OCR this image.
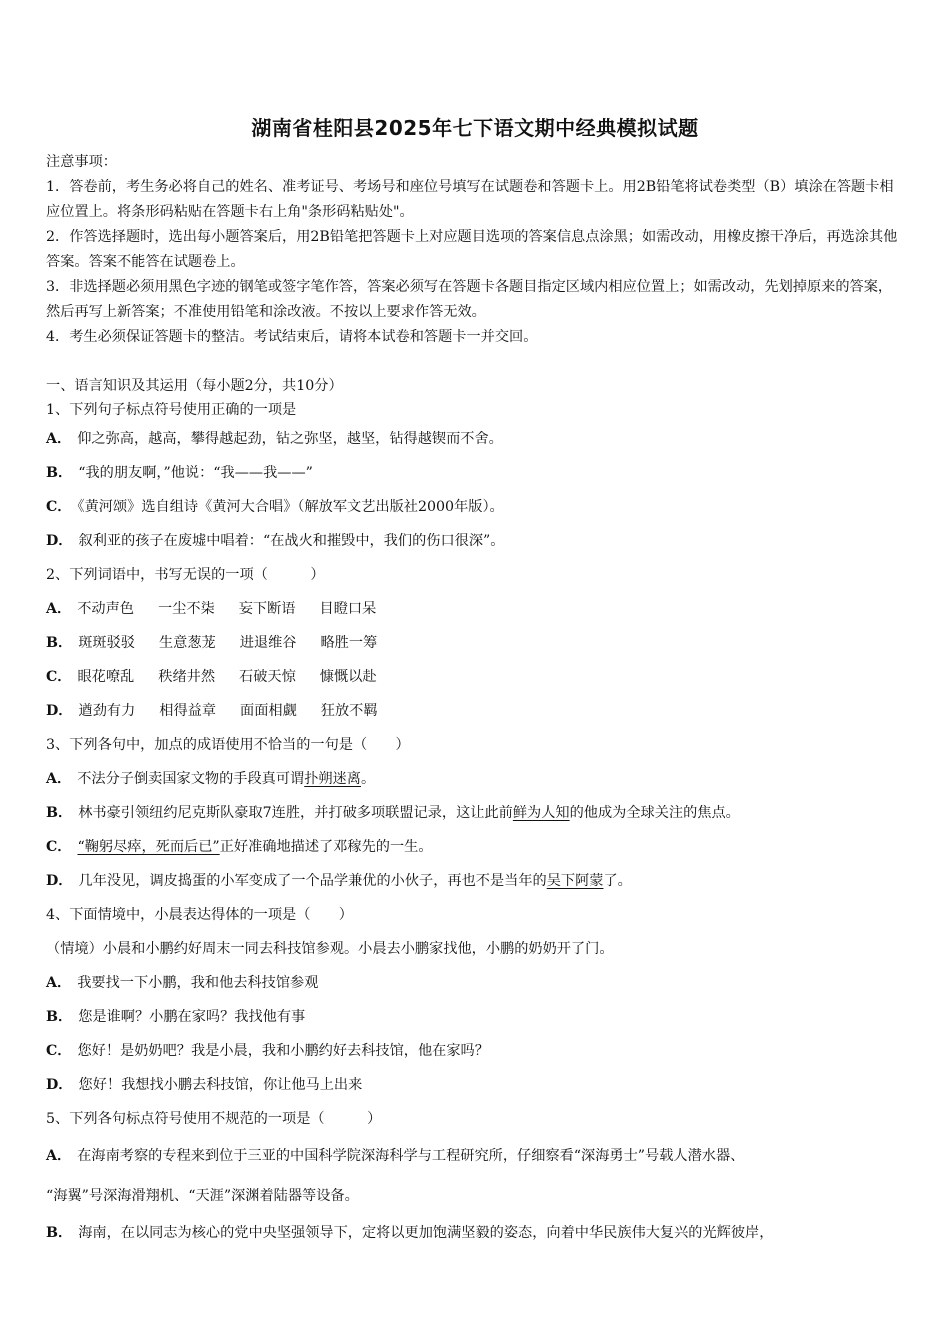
湖南省桂阳县2025年七下语文期中经典模拟试题

注意事项：

1．答卷前，考生务必将自己的姓名、准考证号、考场号和座位号填写在试题卷和答题卡上。用2B铅笔将试卷类型（B）填涂在答题卡相应位置上。将条形码粘贴在答题卡右上角"条形码粘贴处"。

2．作答选择题时，选出每小题答案后，用2B铅笔把答题卡上对应题目选项的答案信息点涂黑；如需改动，用橡皮擦干净后，再选涂其他答案。答案不能答在试题卷上。

3．非选择题必须用黑色字迹的钢笔或签字笔作答，答案必须写在答题卡各题目指定区域内相应位置上；如需改动，先划掉原来的答案，然后再写上新答案；不准使用铅笔和涂改液。不按以上要求作答无效。

4．考生必须保证答题卡的整洁。考试结束后，请将本试卷和答题卡一并交回。

一、语言知识及其运用（每小题2分，共10分）
1、下列句子标点符号使用正确的一项是
A． 仰之弥高，越高，攀得越起劲，钻之弥坚，越坚，钻得越锲而不舍。
B． “我的朋友啊，”他说：“我——我——”
C． 《黄河颂》选自组诗《黄河大合唱》（解放军文艺出版社2000年版）。
D． 叙利亚的孩子在废墟中唱着：“在战火和摧毁中，我们的伤口很深”。
2、下列词语中，书写无误的一项（　　　）
A． 不动声色 一尘不柒 妄下断语 目瞪口呆
B． 斑斑驳驳 生意葱茏 进退维谷 略胜一筹
C． 眼花嘹乱 秩绪井然 石破天惊 慷慨以赴
D． 遒劲有力 相得益章 面面相觑 狂放不羁
3、下列各句中，加点的成语使用不恰当的一句是（　　）
A． 不法分子倒卖国家文物的手段真可谓扑朔迷离。
B． 林书豪引领纽约尼克斯队豪取7连胜，并打破多项联盟记录，这让此前鲜为人知的他成为全球关注的焦点。
C． “鞠躬尽瘁，死而后已”正好准确地描述了邓稼先的一生。
D． 几年没见，调皮捣蛋的小军变成了一个品学兼优的小伙子，再也不是当年的吴下阿蒙了。
4、下面情境中，小晨表达得体的一项是（　　）
（情境）小晨和小鹏约好周末一同去科技馆参观。小晨去小鹏家找他，小鹏的奶奶开了门。
A． 我要找一下小鹏，我和他去科技馆参观
B． 您是谁啊？小鹏在家吗？我找他有事
C． 您好！是奶奶吧？我是小晨，我和小鹏约好去科技馆，他在家吗？
D． 您好！我想找小鹏去科技馆，你让他马上出来
5、下列各句标点符号使用不规范的一项是（　　　）
A． 在海南考察的专程来到位于三亚的中国科学院深海科学与工程研究所，仔细察看“深海勇士”号载人潜水器、
“海翼”号深海滑翔机、“天涯”深渊着陆器等设备。
B． 海南，在以同志为核心的党中央坚强领导下，定将以更加饱满坚毅的姿态，向着中华民族伟大复兴的光辉彼岸，
